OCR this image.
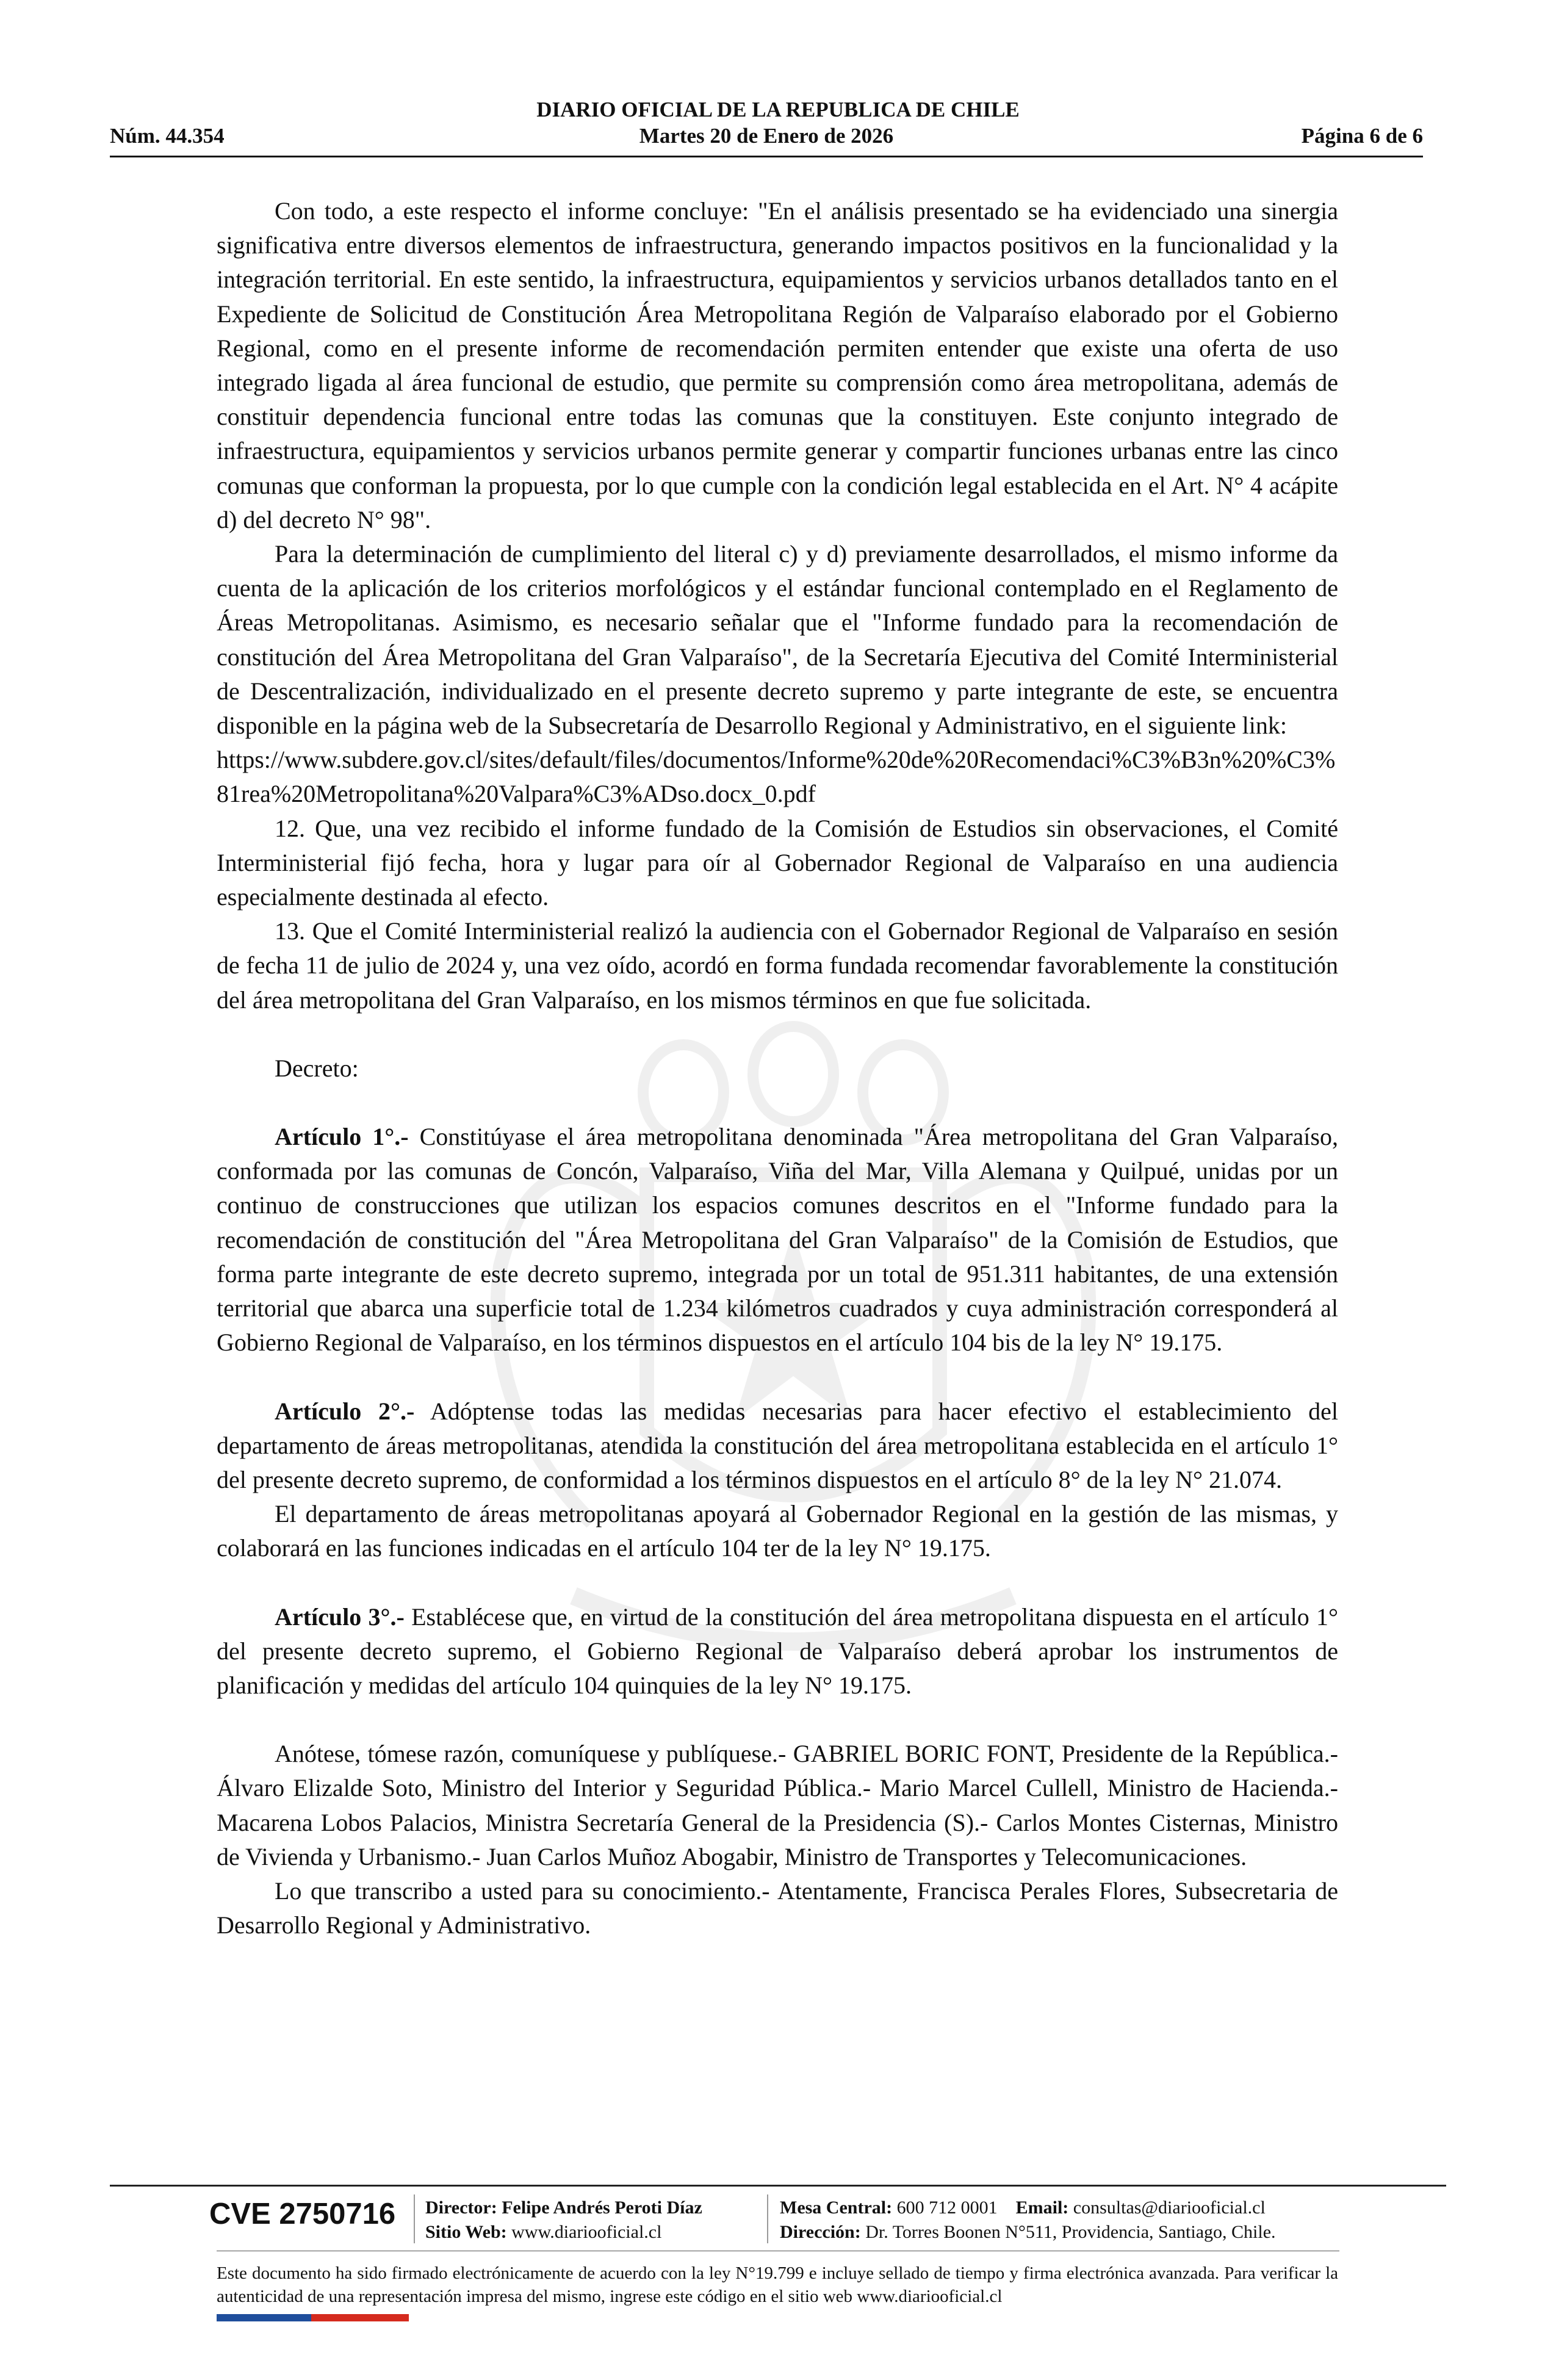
DIARIO OFICIAL DE LA REPUBLICA DE CHILE
Núm. 44.354	Martes 20 de Enero de 2026	Página 6 de 6

Con todo, a este respecto el informe concluye: "En el análisis presentado se ha evidenciado una sinergia significativa entre diversos elementos de infraestructura, generando impactos positivos en la funcionalidad y la integración territorial. En este sentido, la infraestructura, equipamientos y servicios urbanos detallados tanto en el Expediente de Solicitud de Constitución Área Metropolitana Región de Valparaíso elaborado por el Gobierno Regional, como en el presente informe de recomendación permiten entender que existe una oferta de uso integrado ligada al área funcional de estudio, que permite su comprensión como área metropolitana, además de constituir dependencia funcional entre todas las comunas que la constituyen. Este conjunto integrado de infraestructura, equipamientos y servicios urbanos permite generar y compartir funciones urbanas entre las cinco comunas que conforman la propuesta, por lo que cumple con la condición legal establecida en el Art. N° 4 acápite d) del decreto N° 98".

Para la determinación de cumplimiento del literal c) y d) previamente desarrollados, el mismo informe da cuenta de la aplicación de los criterios morfológicos y el estándar funcional contemplado en el Reglamento de Áreas Metropolitanas. Asimismo, es necesario señalar que el "Informe fundado para la recomendación de constitución del Área Metropolitana del Gran Valparaíso", de la Secretaría Ejecutiva del Comité Interministerial de Descentralización, individualizado en el presente decreto supremo y parte integrante de este, se encuentra disponible en la página web de la Subsecretaría de Desarrollo Regional y Administrativo, en el siguiente link:

https://www.subdere.gov.cl/sites/default/files/documentos/Informe%20de%20Recomendaci%C3%B3n%20%C3%81rea%20Metropolitana%20Valpara%C3%ADso.docx_0.pdf

12. Que, una vez recibido el informe fundado de la Comisión de Estudios sin observaciones, el Comité Interministerial fijó fecha, hora y lugar para oír al Gobernador Regional de Valparaíso en una audiencia especialmente destinada al efecto.

13. Que el Comité Interministerial realizó la audiencia con el Gobernador Regional de Valparaíso en sesión de fecha 11 de julio de 2024 y, una vez oído, acordó en forma fundada recomendar favorablemente la constitución del área metropolitana del Gran Valparaíso, en los mismos términos en que fue solicitada.

Decreto:

Artículo 1°.- Constitúyase el área metropolitana denominada "Área metropolitana del Gran Valparaíso, conformada por las comunas de Concón, Valparaíso, Viña del Mar, Villa Alemana y Quilpué, unidas por un continuo de construcciones que utilizan los espacios comunes descritos en el "Informe fundado para la recomendación de constitución del "Área Metropolitana del Gran Valparaíso" de la Comisión de Estudios, que forma parte integrante de este decreto supremo, integrada por un total de 951.311 habitantes, de una extensión territorial que abarca una superficie total de 1.234 kilómetros cuadrados y cuya administración corresponderá al Gobierno Regional de Valparaíso, en los términos dispuestos en el artículo 104 bis de la ley N° 19.175.

Artículo 2°.- Adóptense todas las medidas necesarias para hacer efectivo el establecimiento del departamento de áreas metropolitanas, atendida la constitución del área metropolitana establecida en el artículo 1° del presente decreto supremo, de conformidad a los términos dispuestos en el artículo 8° de la ley N° 21.074.

El departamento de áreas metropolitanas apoyará al Gobernador Regional en la gestión de las mismas, y colaborará en las funciones indicadas en el artículo 104 ter de la ley N° 19.175.

Artículo 3°.- Establécese que, en virtud de la constitución del área metropolitana dispuesta en el artículo 1° del presente decreto supremo, el Gobierno Regional de Valparaíso deberá aprobar los instrumentos de planificación y medidas del artículo 104 quinquies de la ley N° 19.175.

Anótese, tómese razón, comuníquese y publíquese.- GABRIEL BORIC FONT, Presidente de la República.- Álvaro Elizalde Soto, Ministro del Interior y Seguridad Pública.- Mario Marcel Cullell, Ministro de Hacienda.- Macarena Lobos Palacios, Ministra Secretaría General de la Presidencia (S).- Carlos Montes Cisternas, Ministro de Vivienda y Urbanismo.- Juan Carlos Muñoz Abogabir, Ministro de Transportes y Telecomunicaciones.

Lo que transcribo a usted para su conocimiento.- Atentamente, Francisca Perales Flores, Subsecretaria de Desarrollo Regional y Administrativo.

CVE 2750716 Director: Felipe Andrés Peroti Díaz
Sitio Web: www.diariooficial.cl
Mesa Central: 600 712 0001 Email: consultas@diariooficial.cl
Dirección: Dr. Torres Boonen N°511, Providencia, Santiago, Chile.
Este documento ha sido firmado electrónicamente de acuerdo con la ley N°19.799 e incluye sellado de tiempo y firma electrónica avanzada. Para verificar la autenticidad de una representación impresa del mismo, ingrese este código en el sitio web www.diariooficial.cl
